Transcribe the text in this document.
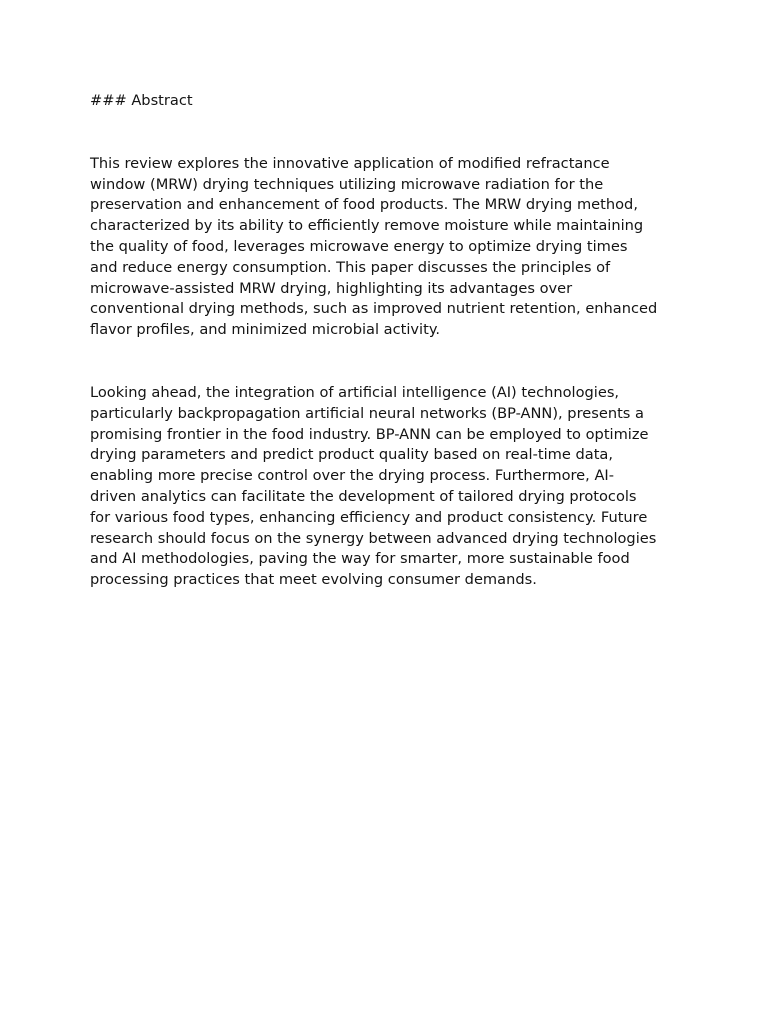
### Abstract
This review explores the innovative application of modified refractance
window (MRW) drying techniques utilizing microwave radiation for the
preservation and enhancement of food products. The MRW drying method,
characterized by its ability to efficiently remove moisture while maintaining
the quality of food, leverages microwave energy to optimize drying times
and reduce energy consumption. This paper discusses the principles of
microwave-assisted MRW drying, highlighting its advantages over
conventional drying methods, such as improved nutrient retention, enhanced
flavor profiles, and minimized microbial activity.
Looking ahead, the integration of artificial intelligence (AI) technologies,
particularly backpropagation artificial neural networks (BP-ANN), presents a
promising frontier in the food industry. BP-ANN can be employed to optimize
drying parameters and predict product quality based on real-time data,
enabling more precise control over the drying process. Furthermore, AI-
driven analytics can facilitate the development of tailored drying protocols
for various food types, enhancing efficiency and product consistency. Future
research should focus on the synergy between advanced drying technologies
and AI methodologies, paving the way for smarter, more sustainable food
processing practices that meet evolving consumer demands.
